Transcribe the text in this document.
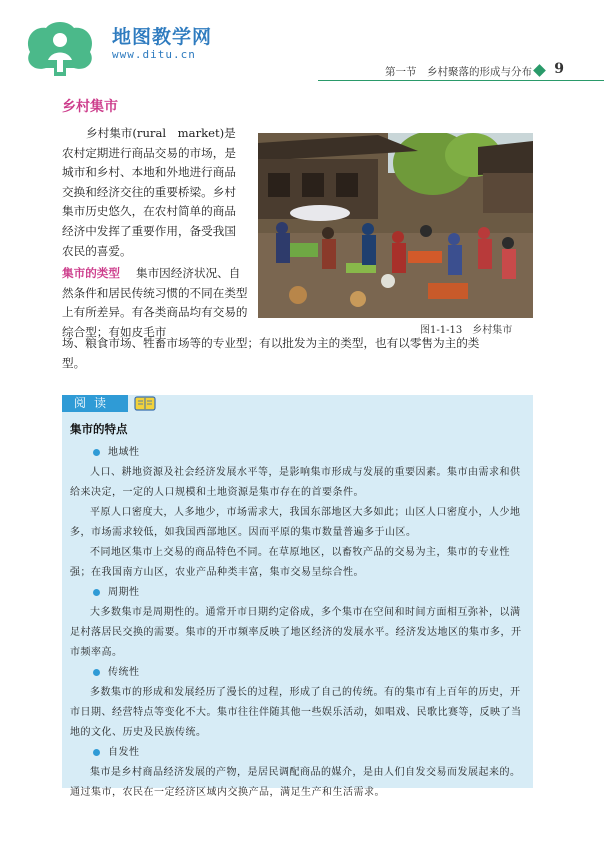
地图教学网
www.ditu.cn
第一节　乡村聚落的形成与分布 9
乡村集市

乡村集市(rural　market)是农村定期进行商品交易的市场，是城市和乡村、本地和外地进行商品交换和经济交往的重要桥梁。乡村集市历史悠久，在农村简单的商品经济中发挥了重要作用，备受我国农民的喜爱。

集市的类型 集市因经济状况、自然条件和居民传统习惯的不同在类型上有所差异。有各类商品均有交易的综合型；有如皮毛市

场、粮食市场、牲畜市场等的专业型；有以批发为主的类型，也有以零售为主的类型。

图1-1-13　乡村集市
阅读
集市的特点
地域性

人口、耕地资源及社会经济发展水平等，是影响集市形成与发展的重要因素。集市由需求和供给来决定，一定的人口规模和土地资源是集市存在的首要条件。

平原人口密度大，人多地少，市场需求大，我国东部地区大多如此；山区人口密度小，人少地多，市场需求较低，如我国西部地区。因而平原的集市数量普遍多于山区。

不同地区集市上交易的商品特色不同。在草原地区，以畜牧产品的交易为主，集市的专业性强；在我国南方山区，农业产品种类丰富，集市交易呈综合性。

周期性

大多数集市是周期性的。通常开市日期约定俗成，多个集市在空间和时间方面相互弥补，以满足村落居民交换的需要。集市的开市频率反映了地区经济的发展水平。经济发达地区的集市多，开市频率高。

传统性

多数集市的形成和发展经历了漫长的过程，形成了自己的传统。有的集市有上百年的历史，开市日期、经营特点等变化不大。集市往往伴随其他一些娱乐活动，如唱戏、民歌比赛等，反映了当地的文化、历史及民族传统。

自发性

集市是乡村商品经济发展的产物，是居民调配商品的媒介，是由人们自发交易而发展起来的。通过集市，农民在一定经济区域内交换产品，满足生产和生活需求。
